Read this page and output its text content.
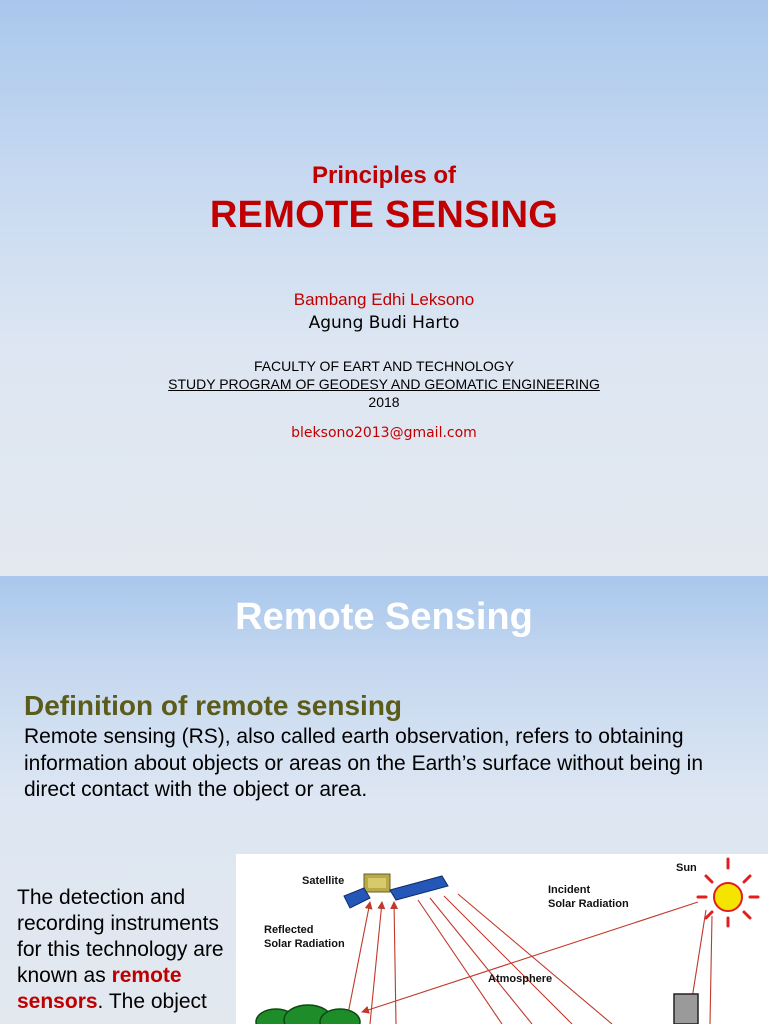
Principles of
REMOTE SENSING
Bambang Edhi Leksono
Agung Budi Harto
FACULTY OF EART AND TECHNOLOGY
STUDY PROGRAM OF GEODESY AND GEOMATIC ENGINEERING
2018
bleksono2013@gmail.com
Remote Sensing
Definition of remote sensing
Remote sensing (RS), also called earth observation, refers to obtaining information about objects or areas on the Earth’s surface without being in direct contact with the object or area.
The detection and recording instruments for this technology are known as remote sensors. The object
Satellite
Reflected
Solar Radiation
Incident
Solar Radiation
Sun
Atmosphere
